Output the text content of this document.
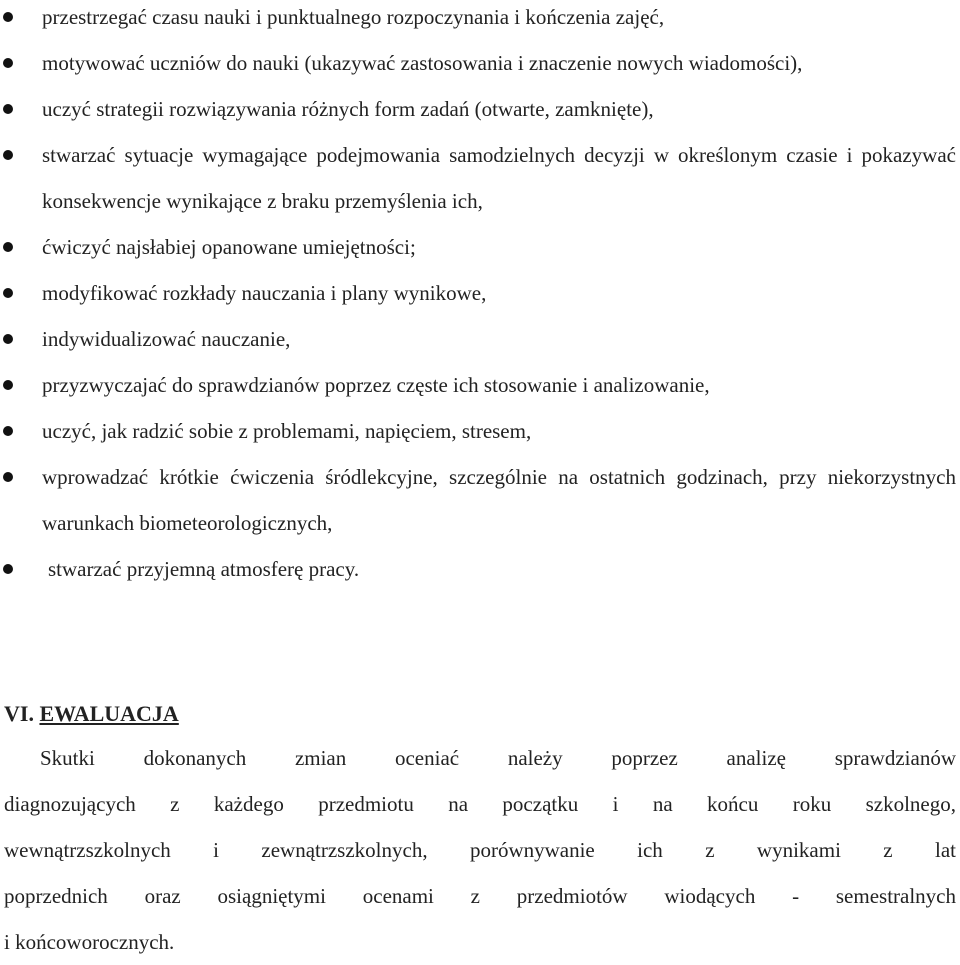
przestrzegać czasu nauki i punktualnego rozpoczynania i kończenia zajęć,
motywować uczniów do nauki (ukazywać zastosowania i znaczenie nowych wiadomości),
uczyć strategii rozwiązywania różnych form zadań (otwarte, zamknięte),
stwarzać sytuacje wymagające podejmowania samodzielnych decyzji w określonym czasie i pokazywać konsekwencje wynikające z braku przemyślenia ich,
ćwiczyć najsłabiej opanowane umiejętności;
modyfikować rozkłady nauczania i plany wynikowe,
indywidualizować nauczanie,
przyzwyczajać do sprawdzianów poprzez częste ich stosowanie i analizowanie,
uczyć, jak radzić sobie z problemami, napięciem, stresem,
wprowadzać krótkie ćwiczenia śródlekcyjne, szczególnie na ostatnich godzinach, przy niekorzystnych warunkach biometeorologicznych,
stwarzać przyjemną atmosferę pracy.
VI. EWALUACJA

Skutki dokonanych zmian oceniać należy poprzez analizę sprawdzianów
diagnozujących z każdego przedmiotu na początku i na końcu roku szkolnego,
wewnątrzszkolnych i zewnątrzszkolnych, porównywanie ich z wynikami z lat
poprzednich oraz osiągniętymi ocenami z przedmiotów wiodących - semestralnych
i końcoworocznych.
